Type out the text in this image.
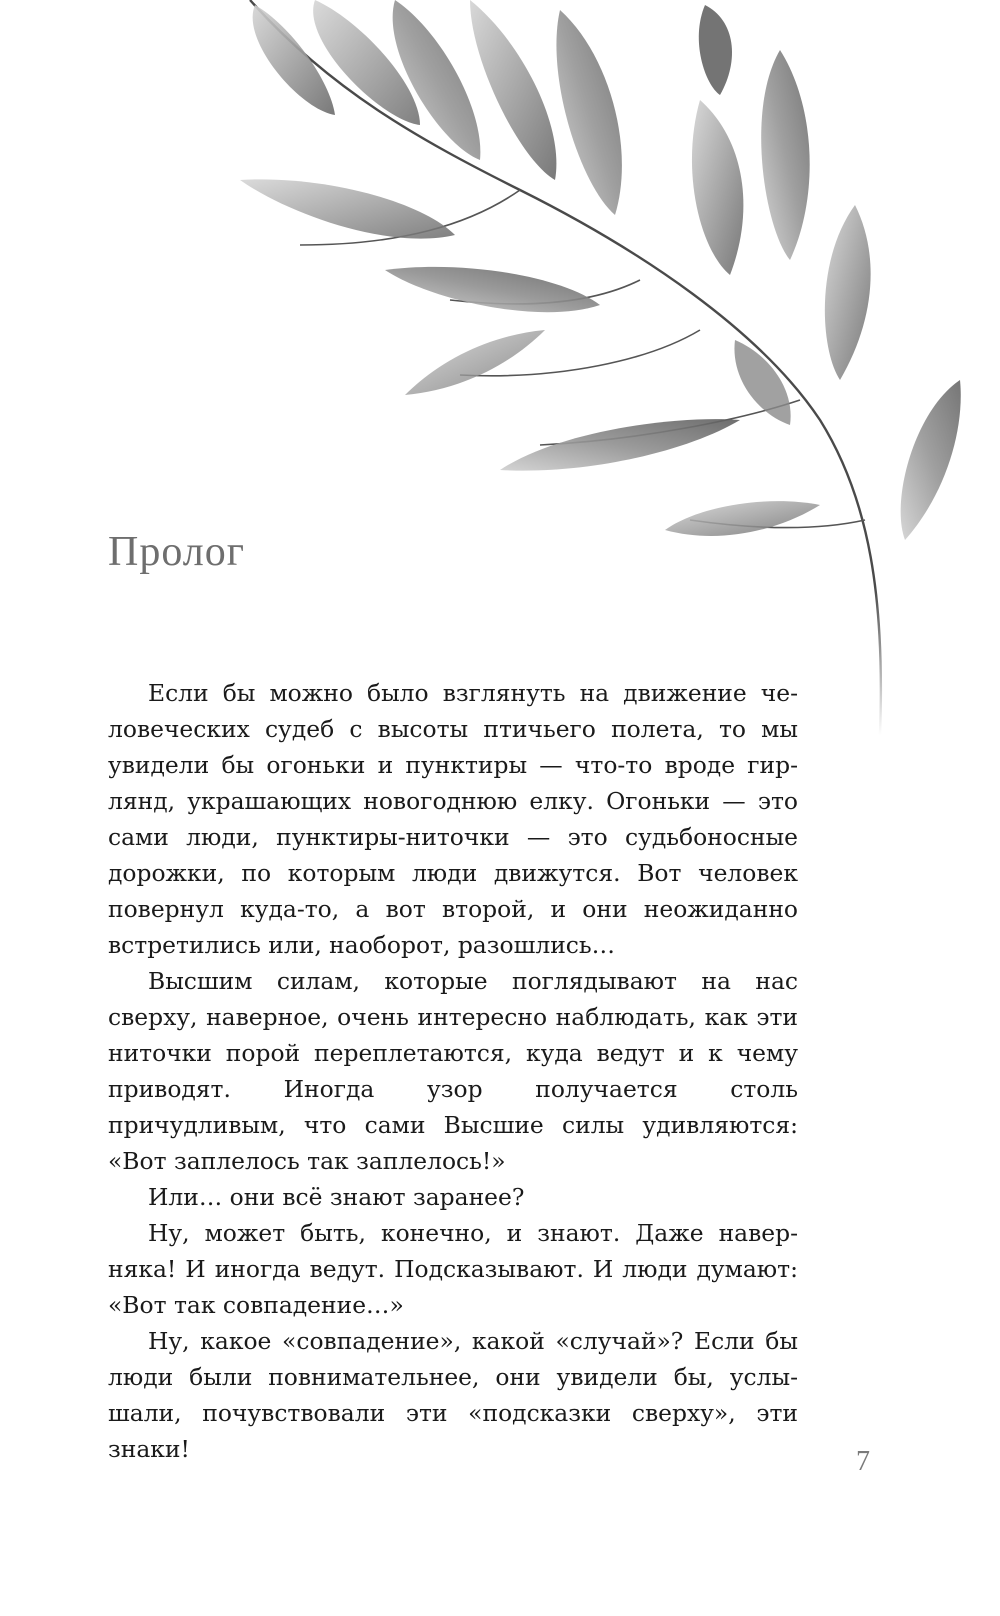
Пролог

Если бы можно было взглянуть на движение человеческих судеб с высоты птичьего полета, то мы увидели бы огоньки и пунктиры — что-то вроде гирлянд, украшающих новогоднюю елку. Огоньки — это сами люди, пунктиры-ниточки — это судьбоносные дорожки, по которым люди движутся. Вот человек повернул куда-то, а вот второй, и они неожиданно встретились или, наоборот, разошлись…

Высшим силам, которые поглядывают на нас сверху, наверное, очень интересно наблюдать, как эти ниточки порой переплетаются, куда ведут и к чему приводят. Иногда узор получается столь причудливым, что сами Высшие силы удивляются: «Вот заплелось так заплелось!»

Или… они всё знают заранее?

Ну, может быть, конечно, и знают. Даже наверняка! И иногда ведут. Подсказывают. И люди думают: «Вот так совпадение…»

Ну, какое «совпадение», какой «случай»? Если бы люди были повнимательнее, они увидели бы, услышали, почувствовали эти «подсказки сверху», эти знаки!	7
